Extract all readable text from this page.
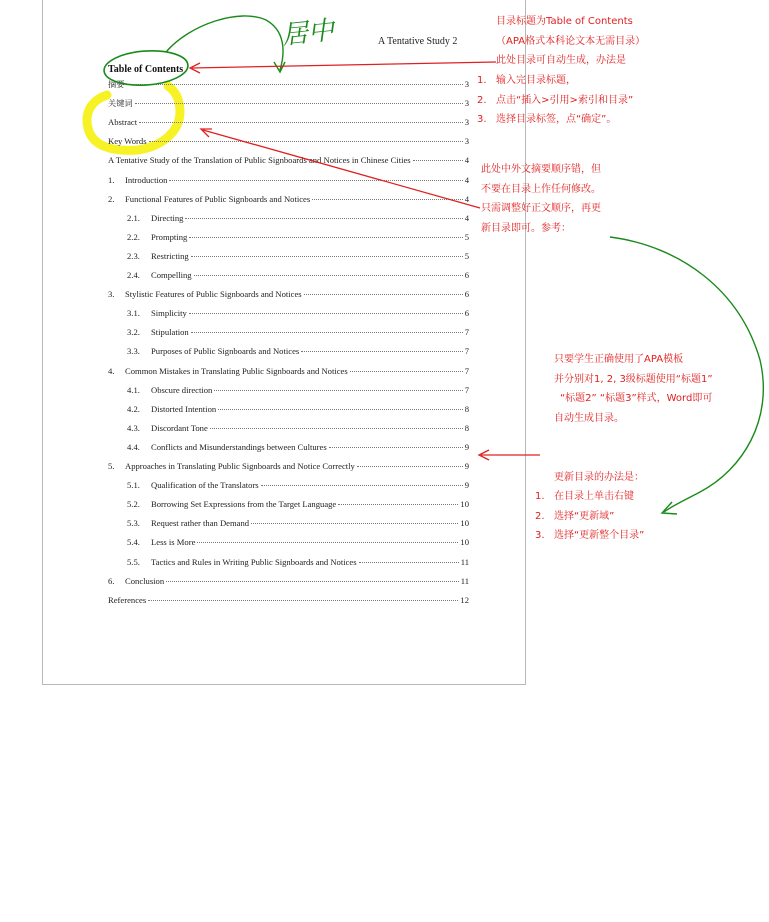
A Tentative Study 2
Table of Contents
摘要	3
关键词	3
Abstract	3
Key Words	3
A Tentative Study of the Translation of Public Signboards and Notices in Chinese Cities	4
1.	Introduction	4
2.	Functional Features of Public Signboards and Notices	4
2.1.	Directing	4
2.2.	Prompting	5
2.3.	Restricting	5
2.4.	Compelling	6
3.	Stylistic Features of Public Signboards and Notices	6
3.1.	Simplicity	6
3.2.	Stipulation	7
3.3.	Purposes of Public Signboards and Notices	7
4.	Common Mistakes in Translating Public Signboards and Notices	7
4.1.	Obscure direction	7
4.2.	Distorted Intention	8
4.3.	Discordant Tone	8
4.4.	Conflicts and Misunderstandings between Cultures	9
5.	Approaches in Translating Public Signboards and Notice Correctly	9
5.1.	Qualification of the Translators	9
5.2.	Borrowing Set Expressions from the Target Language	10
5.3.	Request rather than Demand	10
5.4.	Less is More	10
5.5.	Tactics and Rules in Writing Public Signboards and Notices	11
6.	Conclusion	11
References	12
居中	目录标题为Table of Contents
（APA格式本科论文本无需目录）
此处目录可自动生成，办法是
1. 输入完目录标题，
2. 点击“插入>引用>索引和目录”
3. 选择目录标签，点“确定”。
此处中外文摘要顺序错，但
不要在目录上作任何修改。
只需调整好正文顺序，再更
新目录即可。参考：
只要学生正确使用了APA模板
并分别对1, 2, 3级标题使用“标题1”
“标题2” “标题3”样式，Word即可
自动生成目录。
更新目录的办法是：
1. 在目录上单击右键
2. 选择“更新域”
3. 选择“更新整个目录”
